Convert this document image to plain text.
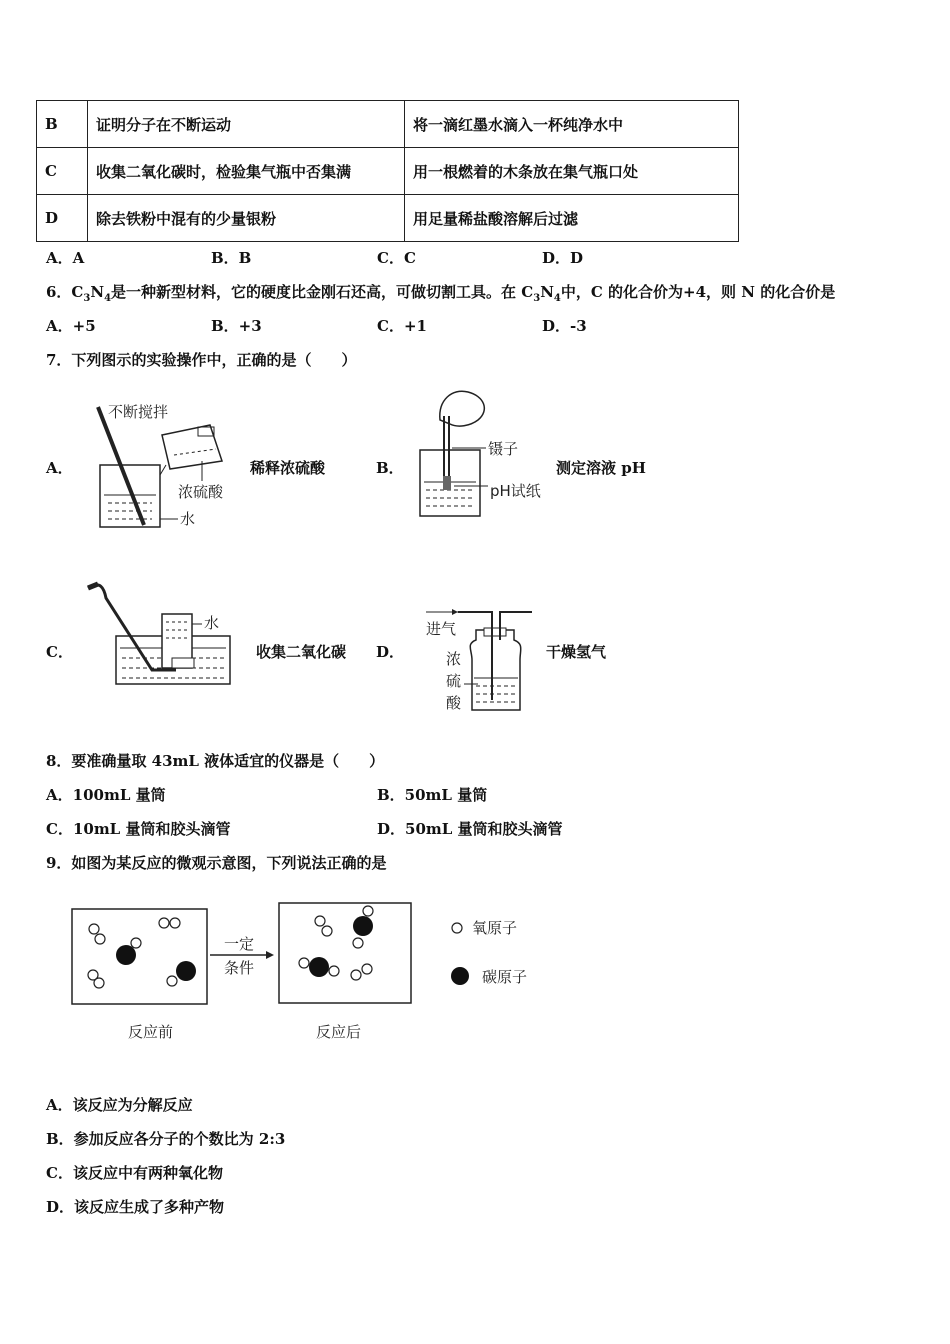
B	证明分子在不断运动	将一滴红墨水滴入一杯纯净水中
C	收集二氧化碳时，检验集气瓶中否集满	用一根燃着的木条放在集气瓶口处
D	除去铁粉中混有的少量银粉	用足量稀盐酸溶解后过滤
A．A	B．B	C．C	D．D
6．$C_3N_4$是一种新型材料，它的硬度比金刚石还高，可做切割工具。在 $C_3N_4$中，C 的化合价为+4，则 N 的化合价是
A．+5	B．+3	C．+1	D．-3
7．下列图示的实验操作中，正确的是（　　）
A．
不断搅拌
浓硫酸
水
稀释浓硫酸	B．
镊子
pH试纸
测定溶液 pH
C．
水
收集二氧化碳 D．
进气
浓
硫
酸
干燥氢气
8．要准确量取 43mL 液体适宜的仪器是（　　）
A．100mL 量筒	B．50mL 量筒
C．10mL 量筒和胶头滴管	D．50mL 量筒和胶头滴管
9．如图为某反应的微观示意图，下列说法正确的是
一定
条件
氧原子
碳原子
反应前	反应后
A．该反应为分解反应
B．参加反应各分子的个数比为 2:3
C．该反应中有两种氧化物
D．该反应生成了多种产物
